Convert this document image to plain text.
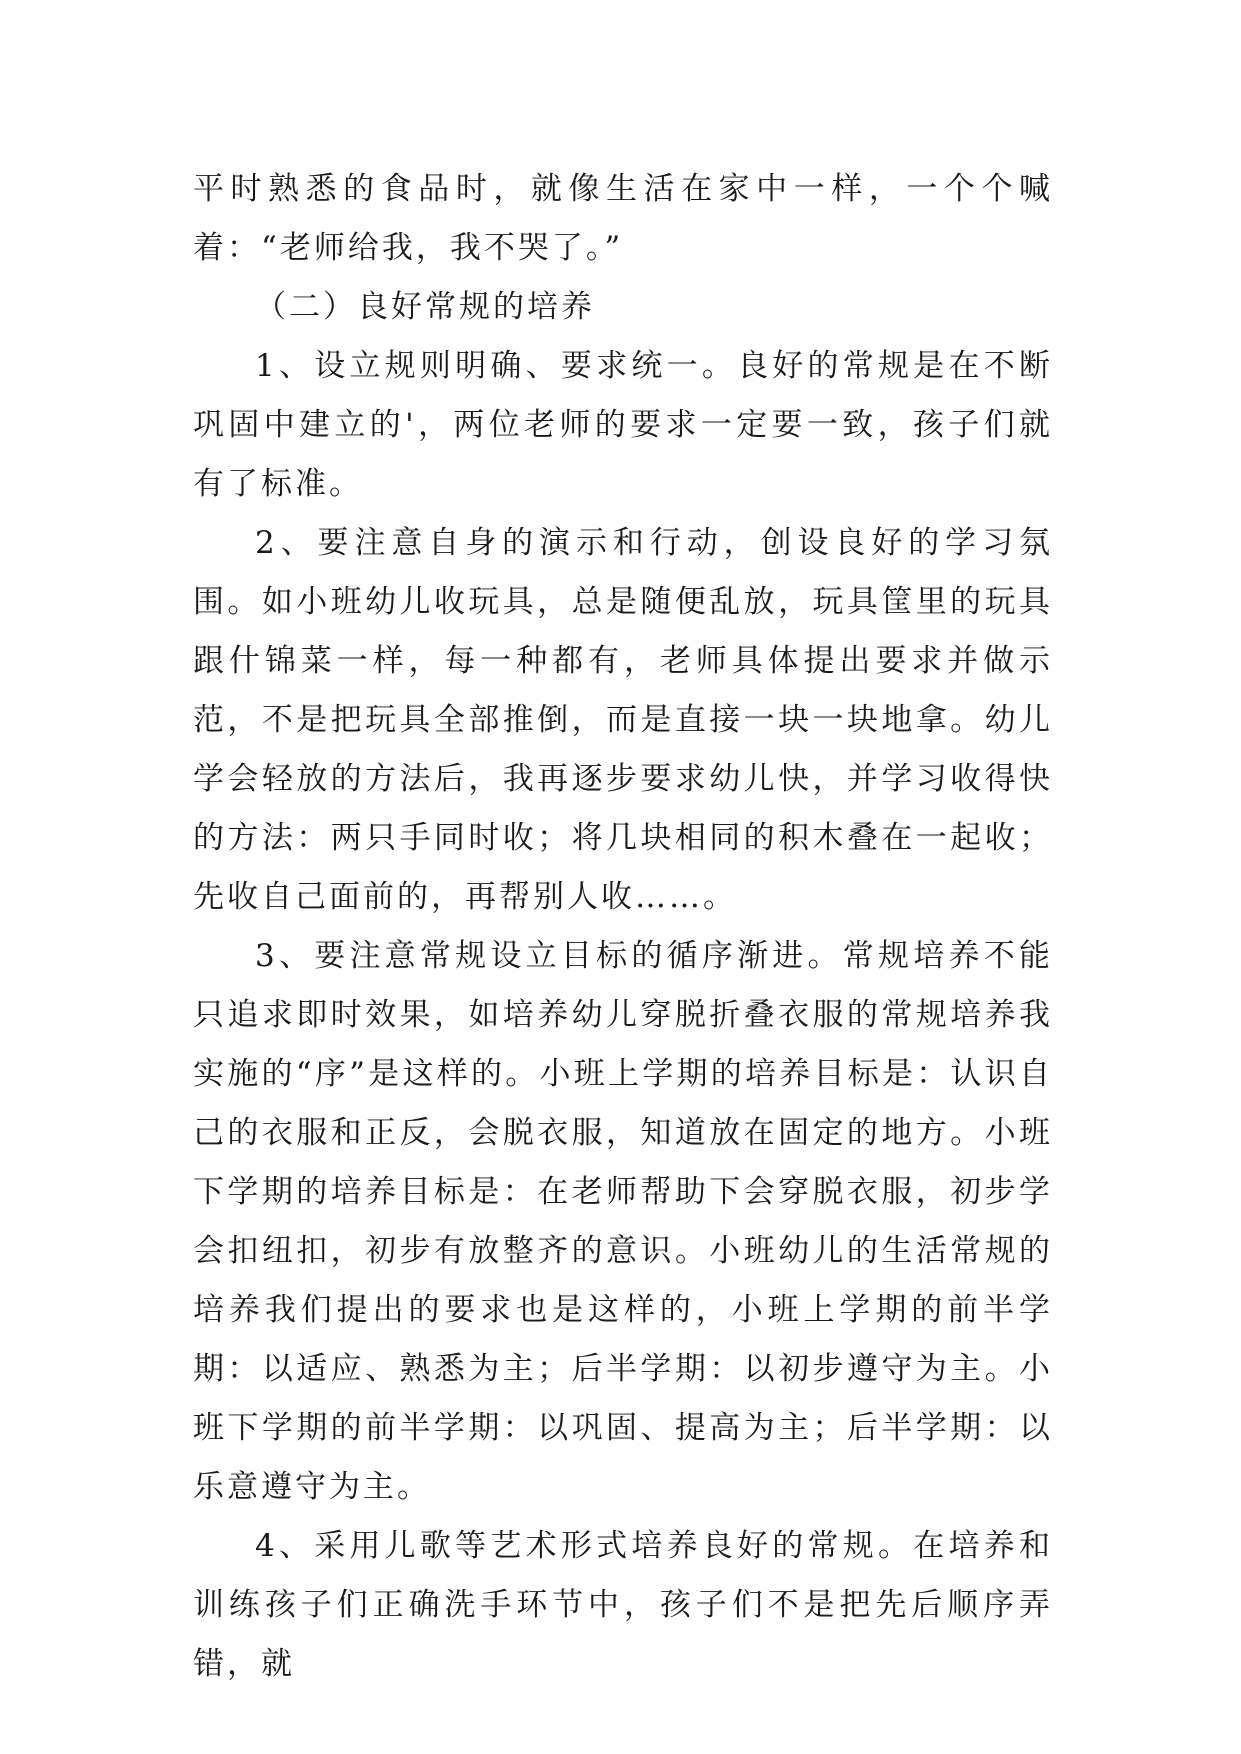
平时熟悉的食品时，就像生活在家中一样，一个个喊着：“老师给我，我不哭了。”

（二）良好常规的培养

1、设立规则明确、要求统一。良好的常规是在不断巩固中建立的'，两位老师的要求一定要一致，孩子们就有了标准。

2、要注意自身的演示和行动，创设良好的学习氛围。如小班幼儿收玩具，总是随便乱放，玩具筐里的玩具跟什锦菜一样，每一种都有，老师具体提出要求并做示范，不是把玩具全部推倒，而是直接一块一块地拿。幼儿学会轻放的方法后，我再逐步要求幼儿快，并学习收得快的方法：两只手同时收；将几块相同的积木叠在一起收；先收自己面前的，再帮别人收……。

3、要注意常规设立目标的循序渐进。常规培养不能只追求即时效果，如培养幼儿穿脱折叠衣服的常规培养我实施的“序”是这样的。小班上学期的培养目标是：认识自己的衣服和正反，会脱衣服，知道放在固定的地方。小班下学期的培养目标是：在老师帮助下会穿脱衣服，初步学会扣纽扣，初步有放整齐的意识。小班幼儿的生活常规的培养我们提出的要求也是这样的，小班上学期的前半学期：以适应、熟悉为主；后半学期：以初步遵守为主。小班下学期的前半学期：以巩固、提高为主；后半学期：以乐意遵守为主。

4、采用儿歌等艺术形式培养良好的常规。在培养和训练孩子们正确洗手环节中，孩子们不是把先后顺序弄错，就
